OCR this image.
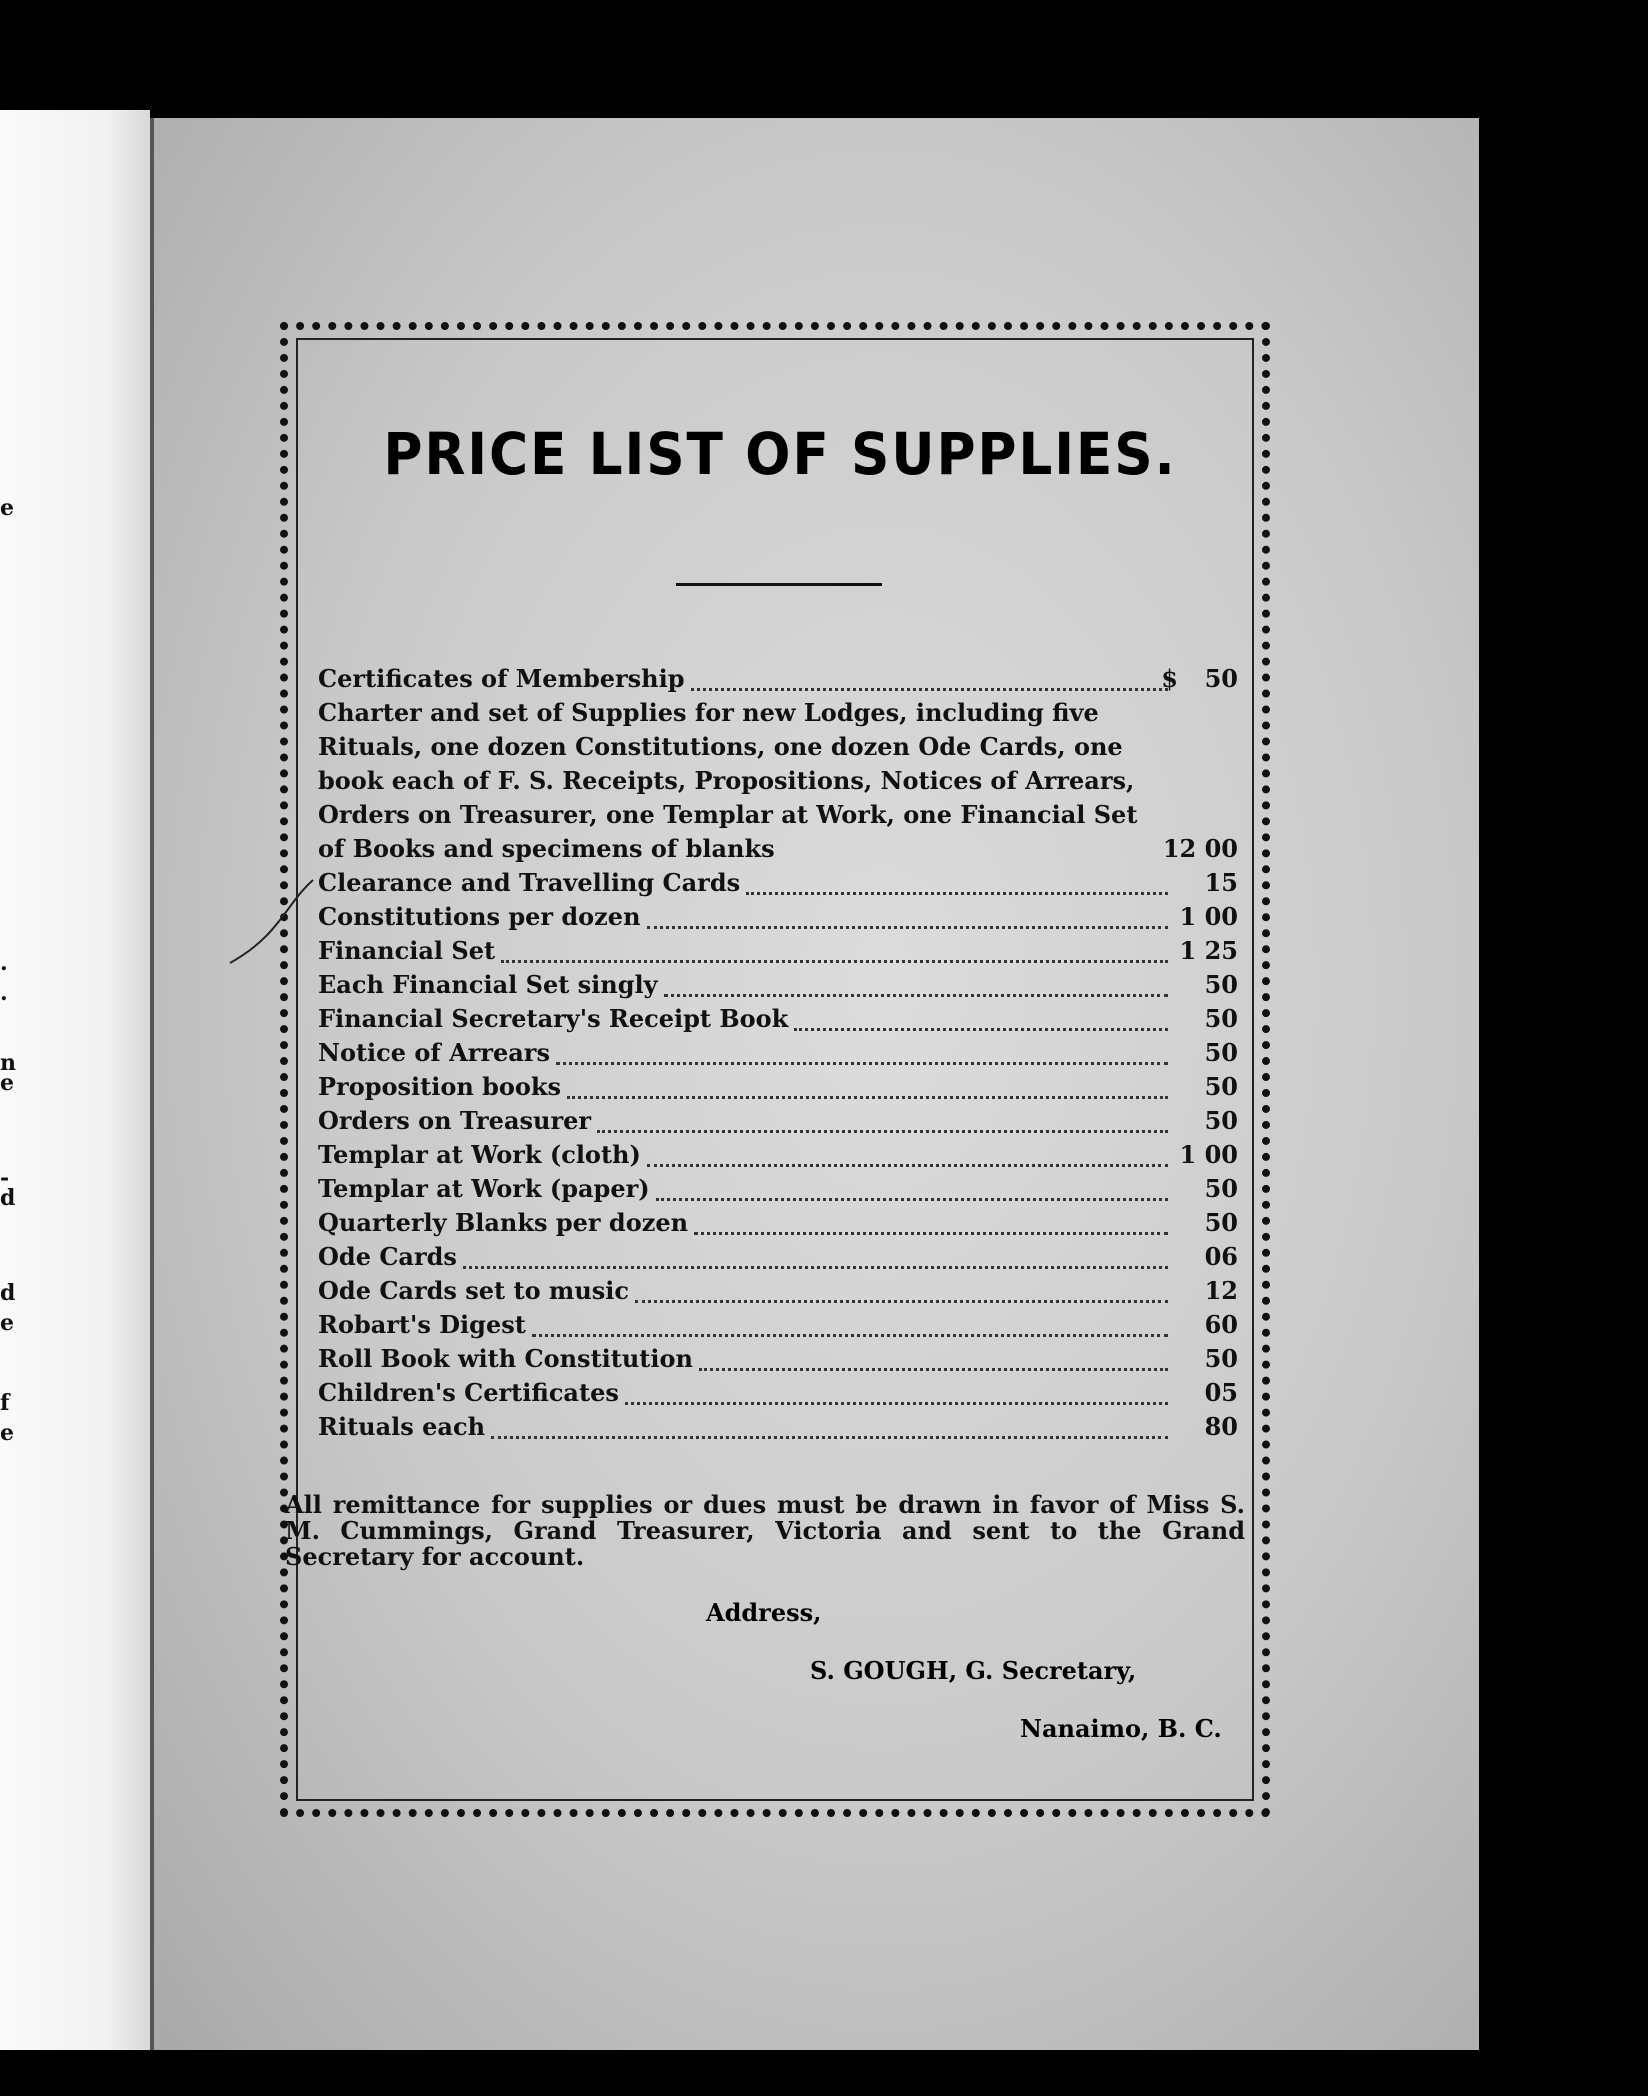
e
.
.
n
e
-
d
d
e
f
e
PRICE LIST OF SUPPLIES.
Certificates of Membership	$	50
Charter and set of Supplies for new Lodges, including five Rituals, one dozen Constitutions, one dozen Ode Cards, one book each of F. S. Receipts, Propositions, Notices of Arrears, Orders on Treasurer, one Templar at Work, one Financial Set of Books and specimens of blanks	12 00
Clearance and Travelling Cards	15
Constitutions per dozen	1 00
Financial Set	1 25
Each Financial Set singly	50
Financial Secretary's Receipt Book	50
Notice of Arrears	50
Proposition books	50
Orders on Treasurer	50
Templar at Work (cloth)	1 00
Templar at Work (paper)	50
Quarterly Blanks per dozen	50
Ode Cards	06
Ode Cards set to music	12
Robart's Digest	60
Roll Book with Constitution	50
Children's Certificates	05
Rituals each	80
All remittance for supplies or dues must be drawn in favor of Miss S. M. Cummings, Grand Treasurer, Victoria and sent to the Grand Secretary for account.
Address,
S. GOUGH, G. Secretary,
Nanaimo, B. C.
